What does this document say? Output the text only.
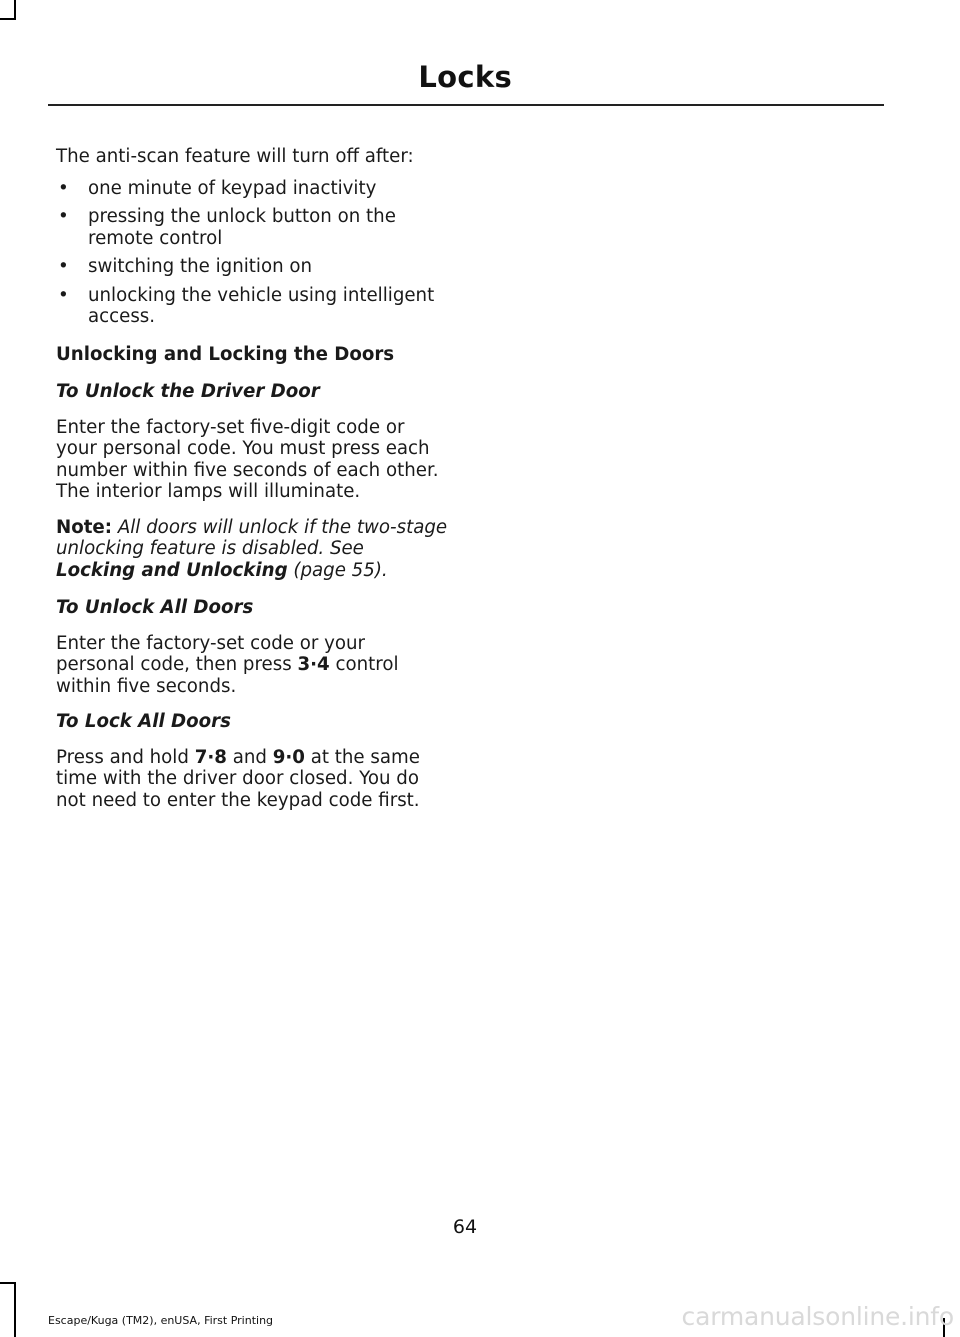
Locks

The anti-scan feature will turn off after:

• one minute of keypad inactivity
• pressing the unlock button on the remote control
• switching the ignition on
• unlocking the vehicle using intelligent access.

Unlocking and Locking the Doors

To Unlock the Driver Door

Enter the factory-set five-digit code or your personal code. You must press each number within five seconds of each other. The interior lamps will illuminate.

Note: All doors will unlock if the two-stage unlocking feature is disabled. See Locking and Unlocking (page 55).

To Unlock All Doors

Enter the factory-set code or your personal code, then press 3·4 control within five seconds.

To Lock All Doors

Press and hold 7·8 and 9·0 at the same time with the driver door closed. You do not need to enter the keypad code first.

64
Escape/Kuga (TM2), enUSA, First Printing	carmanualsonline.info
